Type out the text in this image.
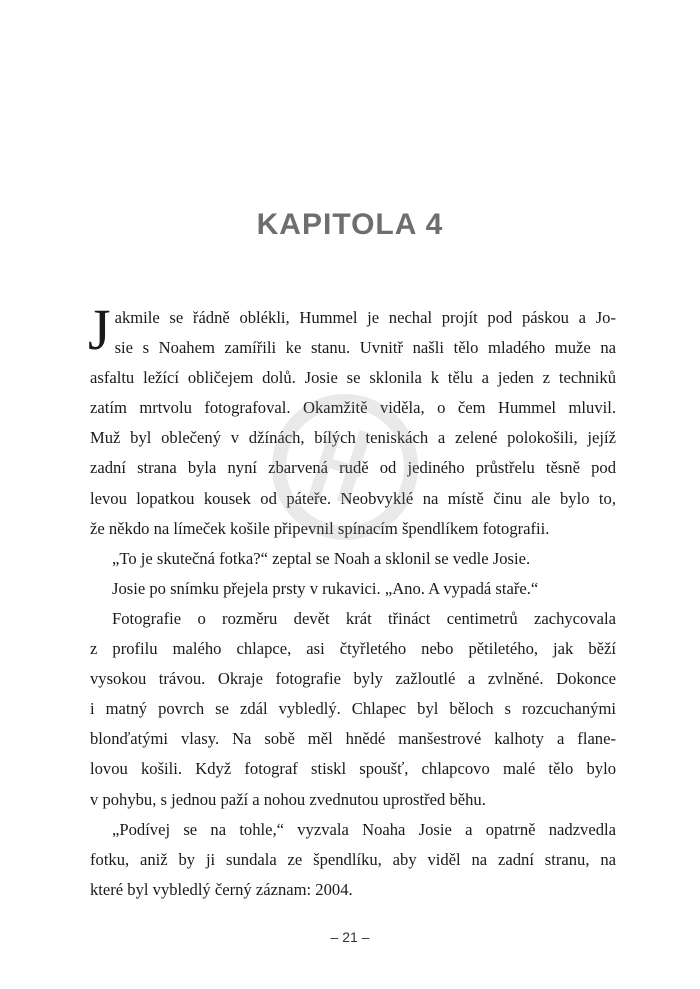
KAPITOLA 4
J akmile se řádně oblékli, Hummel je nechal projít pod páskou a Jo-
sie s Noahem zamířili ke stanu. Uvnitř našli tělo mladého muže na
asfaltu ležící obličejem dolů. Josie se sklonila k tělu a jeden z techniků
zatím mrtvolu fotografoval. Okamžitě viděla, o čem Hummel mluvil.
Muž byl oblečený v džínách, bílých teniskách a zelené polokošili, jejíž
zadní strana byla nyní zbarvená rudě od jediného průstřelu těsně pod
levou lopatkou kousek od páteře. Neobvyklé na místě činu ale bylo to,
že někdo na límeček košile připevnil spínacím špendlíkem fotografii.
„To je skutečná fotka?“ zeptal se Noah a sklonil se vedle Josie.
Josie po snímku přejela prsty v rukavici. „Ano. A vypadá staře.“
Fotografie o rozměru devět krát třináct centimetrů zachycovala
z profilu malého chlapce, asi čtyřletého nebo pětiletého, jak běží
vysokou trávou. Okraje fotografie byly zažloutlé a zvlněné. Dokonce
i matný povrch se zdál vybledlý. Chlapec byl běloch s rozcuchanými
blonďatými vlasy. Na sobě měl hnědé manšestrové kalhoty a flane-
lovou košili. Když fotograf stiskl spoušť, chlapcovo malé tělo bylo
v pohybu, s jednou paží a nohou zvednutou uprostřed běhu.
„Podívej se na tohle,“ vyzvala Noaha Josie a opatrně nadzvedla
fotku, aniž by ji sundala ze špendlíku, aby viděl na zadní stranu, na
které byl vybledlý černý záznam: 2004.
– 21 –
